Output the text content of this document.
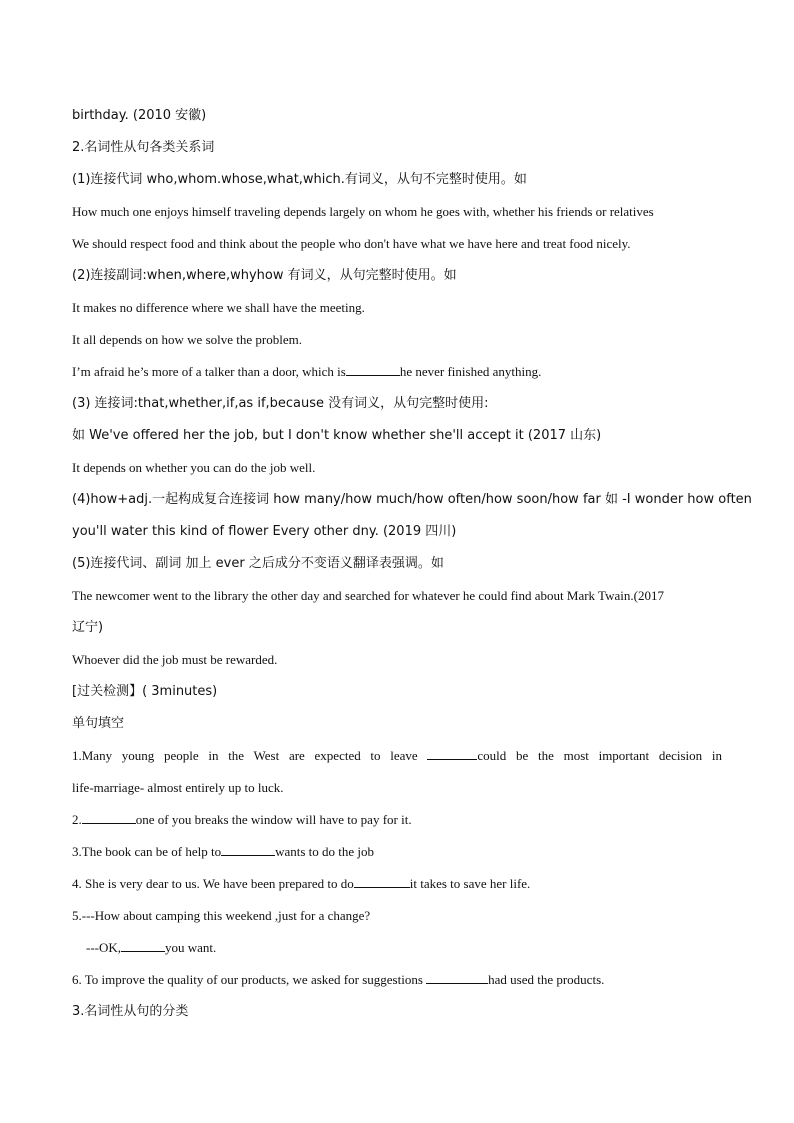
birthday. (2010 安徽)
2.名词性从句各类关系词
(1)连接代词 who,whom.whose,what,which.有词义，从句不完整时使用。如
How much one enjoys himself traveling depends largely on whom he goes with, whether his friends or relatives
We should respect food and think about the people who don't have what we have here and treat food nicely.
(2)连接副词:when,where,whyhow 有词义，从句完整时使用。如
It makes no difference where we shall have the meeting.
It all depends on how we solve the problem.
I’m afraid he’s more of a talker than a door, which is	he never finished anything.
(3) 连接词:that,whether,if,as if,because 没有词义，从句完整时使用:
如 We've offered her the job, but I don't know whether she'll accept it (2017 山东)
It depends on whether you can do the job well.
(4)how+adj.一起构成复合连接词 how many/how much/how often/how soon/how far 如 -I wonder how often
you'll water this kind of flower Every other dny. (2019 四川)
(5)连接代词、副词 加上 ever 之后成分不变语义翻译表强调。如
The newcomer went to the library the other day and searched for whatever he could find about Mark Twain.(2017
辽宁)
Whoever did the job must be rewarded.
[过关检测】( 3minutes)
单句填空
1.Many young people in the West are expected to leave	could be the most important decision in
life-marriage- almost entirely up to luck.
2.	one of you breaks the window will have to pay for it.
3.The book can be of help to	wants to do the job
4. She is very dear to us. We have been prepared to do	it takes to save her life.
5.---How about camping this weekend ,just for a change?
---OK,	you want.
6. To improve the quality of our products, we asked for suggestions	had used the products.
3.名词性从句的分类
